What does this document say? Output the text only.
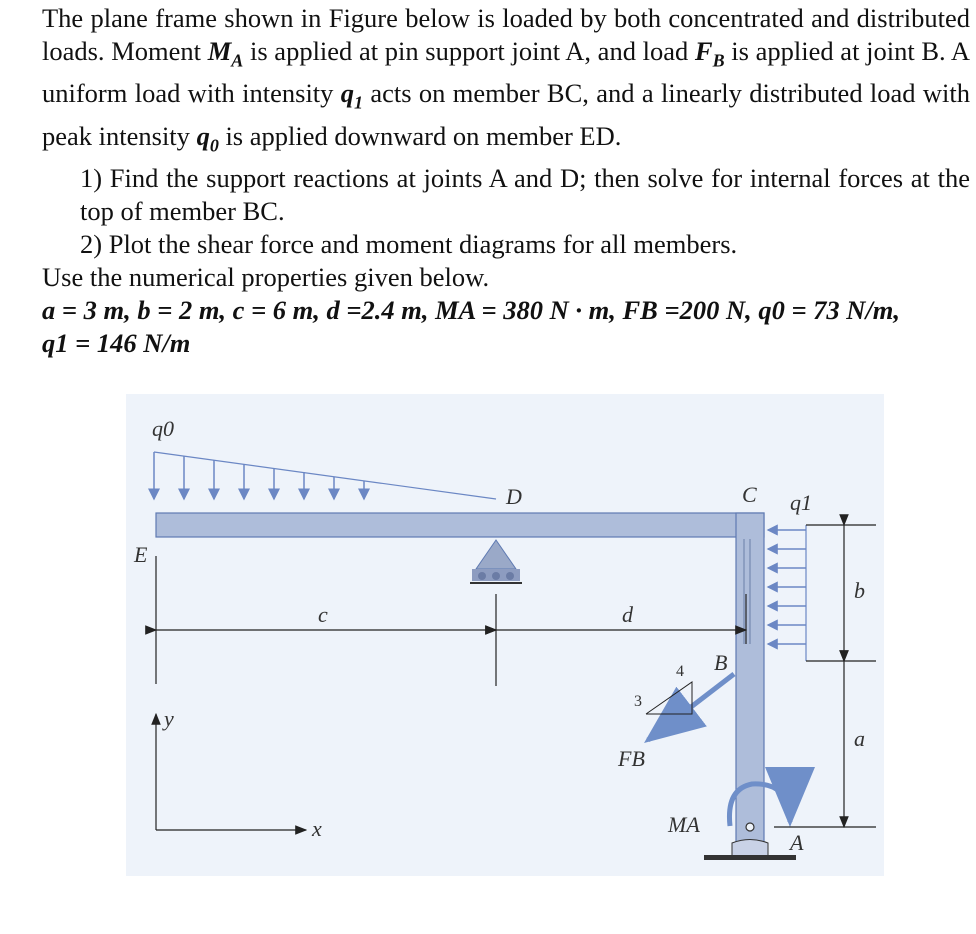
The plane frame shown in Figure below is loaded by both concentrated and distributed loads. Moment $M_A$ is applied at pin support joint A, and load $F_B$ is applied at joint B. A uniform load with intensity $q_1$ acts on member BC, and a linearly distributed load with peak intensity $q_0$ is applied downward on member ED.

1) Find the support reactions at joints A and D; then solve for internal forces at the top of member BC.

2) Plot the shear force and moment diagrams for all members.

Use the numerical properties given below.

a = 3 m, b = 2 m, c = 6 m, d =2.4 m, MA = 380 N · m, FB =200 N, q0 = 73 N/m,

q1 = 146 N/m

q0
q1
D	C
E
B
A
c	d
b
a
FB
MA
y
x
4
3
